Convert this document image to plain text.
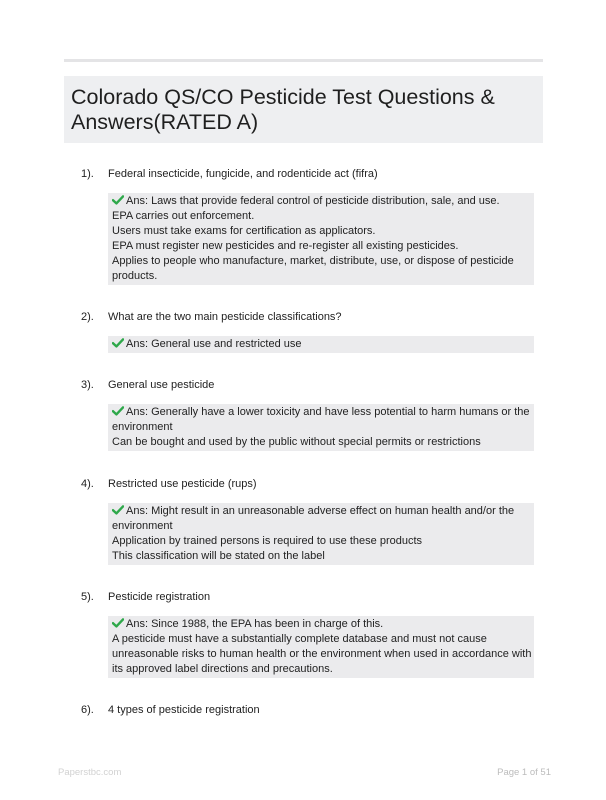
Colorado QS/CO Pesticide Test Questions & Answers(RATED A)
1). Federal insecticide, fungicide, and rodenticide act (fifra)
Ans: Laws that provide federal control of pesticide distribution, sale, and use.
EPA carries out enforcement.
Users must take exams for certification as applicators.
EPA must register new pesticides and re-register all existing pesticides.
Applies to people who manufacture, market, distribute, use, or dispose of pesticide
products.
2). What are the two main pesticide classifications?
Ans: General use and restricted use
3). General use pesticide
Ans: Generally have a lower toxicity and have less potential to harm humans or the
environment
Can be bought and used by the public without special permits or restrictions
4). Restricted use pesticide (rups)
Ans: Might result in an unreasonable adverse effect on human health and/or the
environment
Application by trained persons is required to use these products
This classification will be stated on the label
5). Pesticide registration
Ans: Since 1988, the EPA has been in charge of this.
A pesticide must have a substantially complete database and must not cause
unreasonable risks to human health or the environment when used in accordance with
its approved label directions and precautions.
6). 4 types of pesticide registration
Paperstbc.com	Page 1 of 51
